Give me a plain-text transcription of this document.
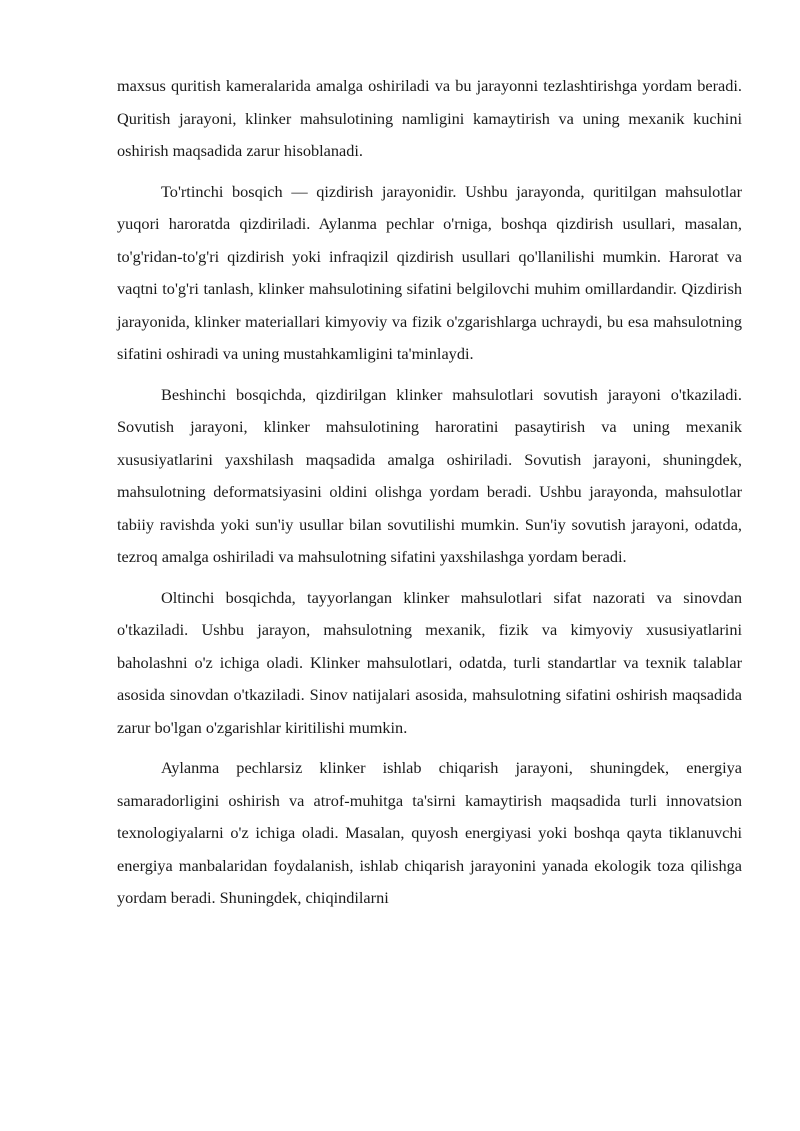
maxsus quritish kameralarida amalga oshiriladi va bu jarayonni tezlashtirishga yordam beradi. Quritish jarayoni, klinker mahsulotining namligini kamaytirish va uning mexanik kuchini oshirish maqsadida zarur hisoblanadi.

To'rtinchi bosqich — qizdirish jarayonidir. Ushbu jarayonda, quritilgan mahsulotlar yuqori haroratda qizdiriladi. Aylanma pechlar o'rniga, boshqa qizdirish usullari, masalan, to'g'ridan-to'g'ri qizdirish yoki infraqizil qizdirish usullari qo'llanilishi mumkin. Harorat va vaqtni to'g'ri tanlash, klinker mahsulotining sifatini belgilovchi muhim omillardandir. Qizdirish jarayonida, klinker materiallari kimyoviy va fizik o'zgarishlarga uchraydi, bu esa mahsulotning sifatini oshiradi va uning mustahkamligini ta'minlaydi.

Beshinchi bosqichda, qizdirilgan klinker mahsulotlari sovutish jarayoni o'tkaziladi. Sovutish jarayoni, klinker mahsulotining haroratini pasaytirish va uning mexanik xususiyatlarini yaxshilash maqsadida amalga oshiriladi. Sovutish jarayoni, shuningdek, mahsulotning deformatsiyasini oldini olishga yordam beradi. Ushbu jarayonda, mahsulotlar tabiiy ravishda yoki sun'iy usullar bilan sovutilishi mumkin. Sun'iy sovutish jarayoni, odatda, tezroq amalga oshiriladi va mahsulotning sifatini yaxshilashga yordam beradi.

Oltinchi bosqichda, tayyorlangan klinker mahsulotlari sifat nazorati va sinovdan o'tkaziladi. Ushbu jarayon, mahsulotning mexanik, fizik va kimyoviy xususiyatlarini baholashni o'z ichiga oladi. Klinker mahsulotlari, odatda, turli standartlar va texnik talablar asosida sinovdan o'tkaziladi. Sinov natijalari asosida, mahsulotning sifatini oshirish maqsadida zarur bo'lgan o'zgarishlar kiritilishi mumkin.

Aylanma pechlarsiz klinker ishlab chiqarish jarayoni, shuningdek, energiya samaradorligini oshirish va atrof-muhitga ta'sirni kamaytirish maqsadida turli innovatsion texnologiyalarni o'z ichiga oladi. Masalan, quyosh energiyasi yoki boshqa qayta tiklanuvchi energiya manbalaridan foydalanish, ishlab chiqarish jarayonini yanada ekologik toza qilishga yordam beradi. Shuningdek, chiqindilarni
